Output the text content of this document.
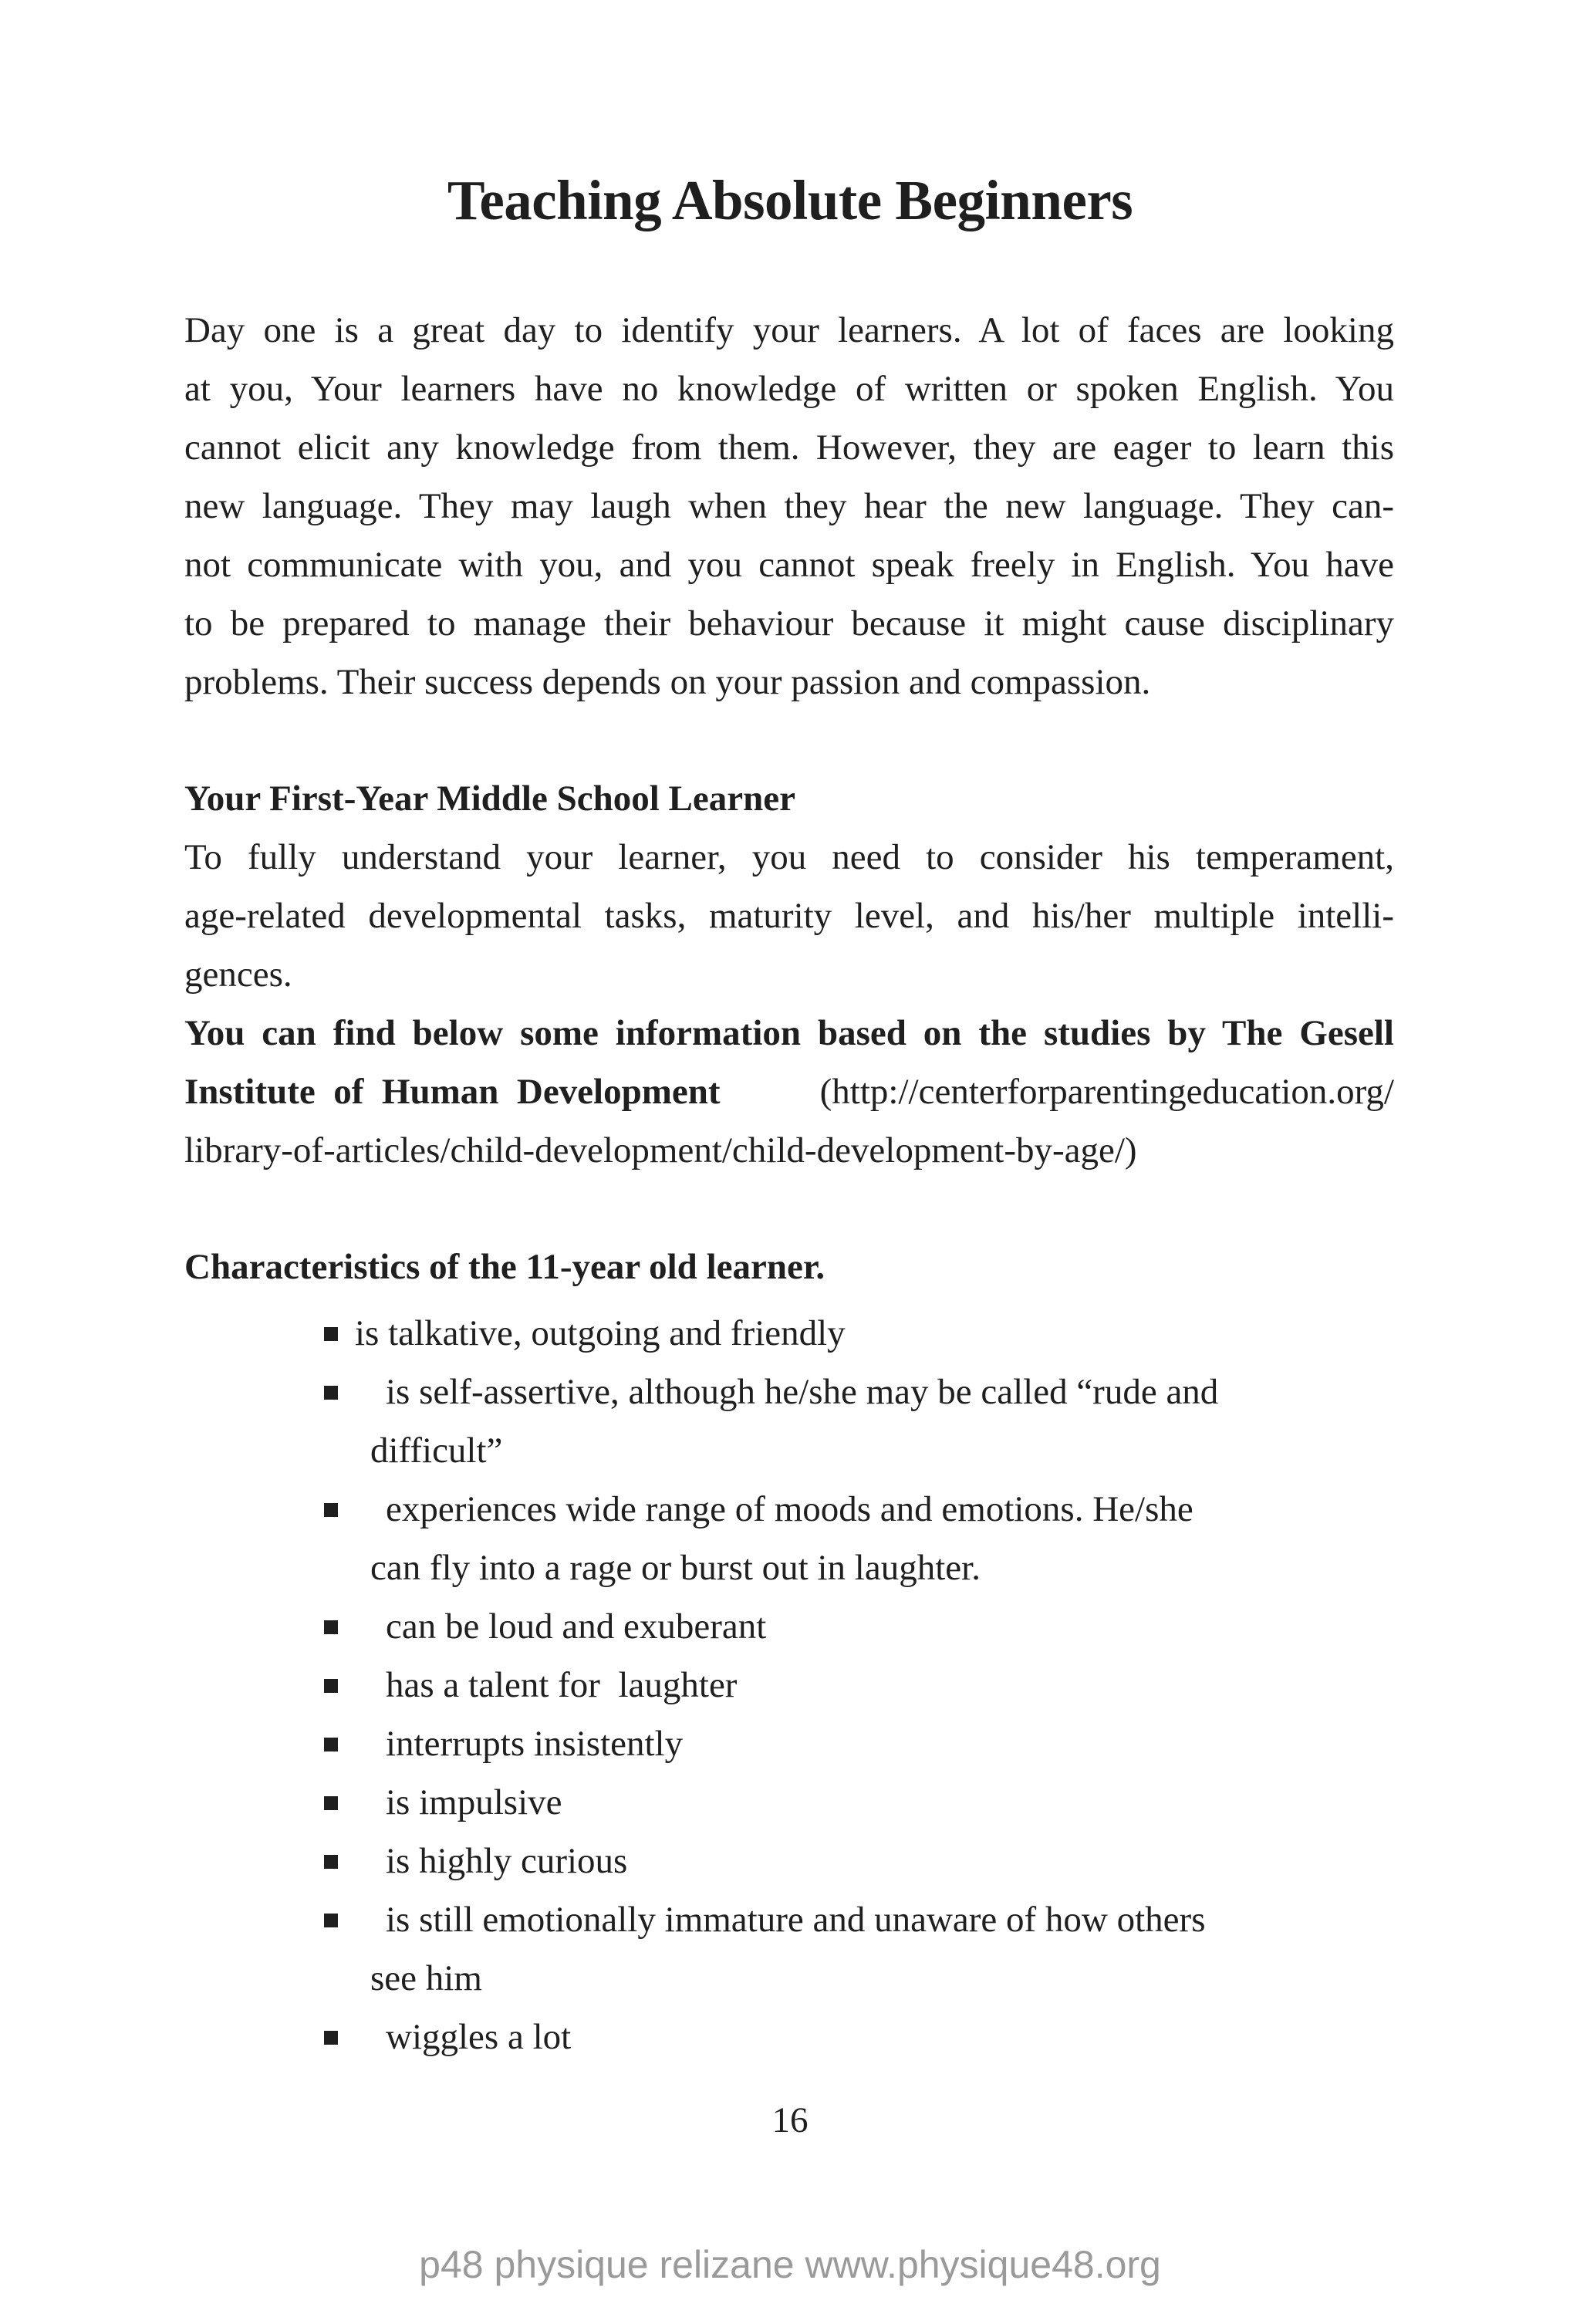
Teaching Absolute Beginners
Day one is a great day to identify your learners. A lot of faces are looking
at you, Your learners have no knowledge of written or spoken English. You
cannot elicit any knowledge from them. However, they are eager to learn this
new language. They may laugh when they hear the new language. They can-
not communicate with you, and you cannot speak freely in English. You have
to be prepared to manage their behaviour because it might cause disciplinary
problems. Their success depends on your passion and compassion.
Your First-Year Middle School Learner
To fully understand your learner, you need to consider his temperament,
age-related developmental tasks, maturity level, and his/her multiple intelli-
gences.
You can find below some information based on the studies by The Gesell
Institute  of  Human  Development	(http://centerforparentingeducation.org/
library-of-articles/child-development/child-development-by-age/)
Characteristics of the 11-year old learner.
is talkative, outgoing and friendly
is self-assertive, although he/she may be called “rude and
difficult”
experiences wide range of moods and emotions. He/she
can fly into a rage or burst out in laughter.
can be loud and exuberant
has a talent for  laughter
interrupts insistently
is impulsive
is highly curious
is still emotionally immature and unaware of how others
see him
wiggles a lot
16
p48 physique relizane www.physique48.org
